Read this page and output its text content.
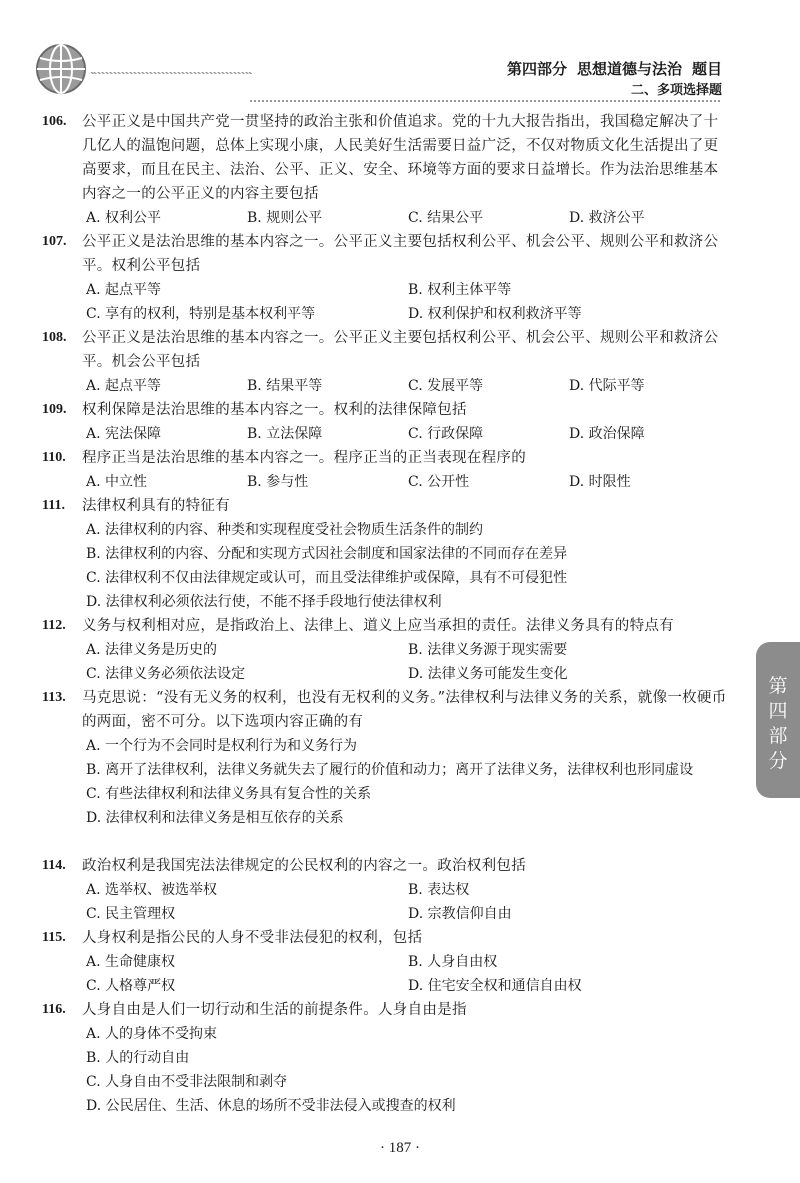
第四部分 思想道德与法治 题目
二、多项选择题
第
四
部
分
106.	公平正义是中国共产党一贯坚持的政治主张和价值追求。党的十九大报告指出，我国稳定解决了十几亿人的温饱问题，总体上实现小康，人民美好生活需要日益广泛，不仅对物质文化生活提出了更高要求，而且在民主、法治、公平、正义、安全、环境等方面的要求日益增长。作为法治思维基本内容之一的公平正义的内容主要包括
A. 权利公平	B. 规则公平	C. 结果公平	D. 救济公平
107.	公平正义是法治思维的基本内容之一。公平正义主要包括权利公平、机会公平、规则公平和救济公平。权利公平包括
A. 起点平等	B. 权利主体平等
C. 享有的权利，特别是基本权利平等	D. 权利保护和权利救济平等
108.	公平正义是法治思维的基本内容之一。公平正义主要包括权利公平、机会公平、规则公平和救济公平。机会公平包括
A. 起点平等	B. 结果平等	C. 发展平等	D. 代际平等
109.	权利保障是法治思维的基本内容之一。权利的法律保障包括
A. 宪法保障	B. 立法保障	C. 行政保障	D. 政治保障
110.	程序正当是法治思维的基本内容之一。程序正当的正当表现在程序的
A. 中立性	B. 参与性	C. 公开性	D. 时限性
111.	法律权利具有的特征有
A. 法律权利的内容、种类和实现程度受社会物质生活条件的制约
B. 法律权利的内容、分配和实现方式因社会制度和国家法律的不同而存在差异
C. 法律权利不仅由法律规定或认可，而且受法律维护或保障，具有不可侵犯性
D. 法律权利必须依法行使，不能不择手段地行使法律权利
112.	义务与权利相对应，是指政治上、法律上、道义上应当承担的责任。法律义务具有的特点有
A. 法律义务是历史的	B. 法律义务源于现实需要
C. 法律义务必须依法设定	D. 法律义务可能发生变化
113.	马克思说：“没有无义务的权利，也没有无权利的义务。”法律权利与法律义务的关系，就像一枚硬币的两面，密不可分。以下选项内容正确的有
A. 一个行为不会同时是权利行为和义务行为
B. 离开了法律权利，法律义务就失去了履行的价值和动力；离开了法律义务，法律权利也形同虚设
C. 有些法律权利和法律义务具有复合性的关系
D. 法律权利和法律义务是相互依存的关系
114.	政治权利是我国宪法法律规定的公民权利的内容之一。政治权利包括
A. 选举权、被选举权	B. 表达权
C. 民主管理权	D. 宗教信仰自由
115.	人身权利是指公民的人身不受非法侵犯的权利，包括
A. 生命健康权	B. 人身自由权
C. 人格尊严权	D. 住宅安全权和通信自由权
116.	人身自由是人们一切行动和生活的前提条件。人身自由是指
A. 人的身体不受拘束
B. 人的行动自由
C. 人身自由不受非法限制和剥夺
D. 公民居住、生活、休息的场所不受非法侵入或搜查的权利
· 187 ·
